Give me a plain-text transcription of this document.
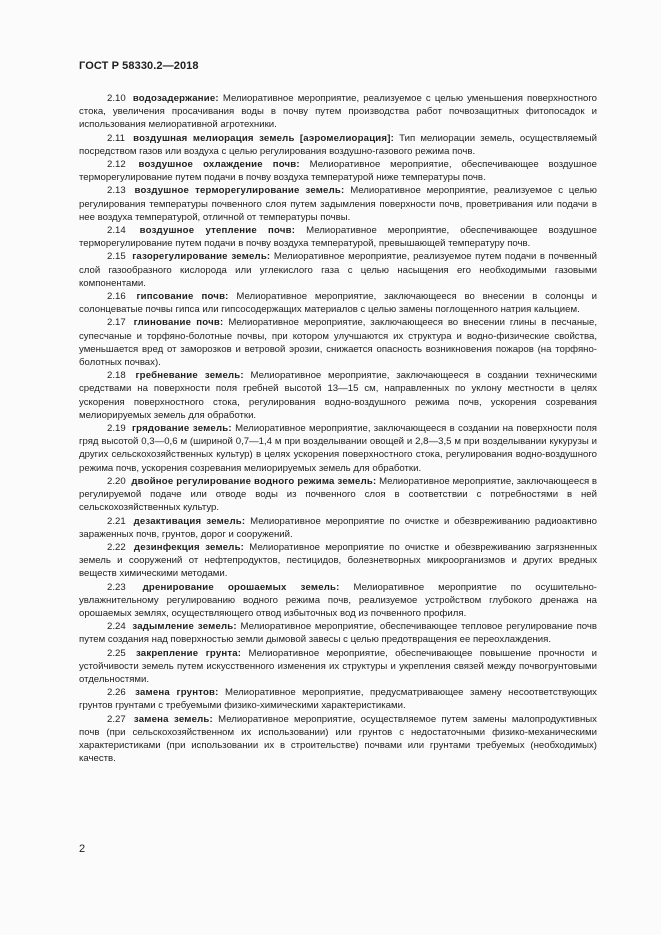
ГОСТ Р 58330.2—2018

2.10 водозадержание: Мелиоративное мероприятие, реализуемое с целью уменьшения поверхностного стока, увеличения просачивания воды в почву путем производства работ почвозащитных фитопосадок и использования мелиоративной агротехники.

2.11 воздушная мелиорация земель [аэромелиорация]: Тип мелиорации земель, осуществляемый посредством газов или воздуха с целью регулирования воздушно-газового режима почв.

2.12 воздушное охлаждение почв: Мелиоративное мероприятие, обеспечивающее воздушное терморегулирование путем подачи в почву воздуха температурой ниже температуры почв.

2.13 воздушное терморегулирование земель: Мелиоративное мероприятие, реализуемое с целью регулирования температуры почвенного слоя путем задымления поверхности почв, проветривания или подачи в нее воздуха температурой, отличной от температуры почвы.

2.14 воздушное утепление почв: Мелиоративное мероприятие, обеспечивающее воздушное терморегулирование путем подачи в почву воздуха температурой, превышающей температуру почв.

2.15 газорегулирование земель: Мелиоративное мероприятие, реализуемое путем подачи в почвенный слой газообразного кислорода или углекислого газа с целью насыщения его необходимыми газовыми компонентами.

2.16 гипсование почв: Мелиоративное мероприятие, заключающееся во внесении в солонцы и солонцеватые почвы гипса или гипсосодержащих материалов с целью замены поглощенного натрия кальцием.

2.17 глинование почв: Мелиоративное мероприятие, заключающееся во внесении глины в песчаные, супесчаные и торфяно-болотные почвы, при котором улучшаются их структура и водно-физические свойства, уменьшается вред от заморозков и ветровой эрозии, снижается опасность возникновения пожаров (на торфяно-болотных почвах).

2.18 гребневание земель: Мелиоративное мероприятие, заключающееся в создании техническими средствами на поверхности поля гребней высотой 13—15 см, направленных по уклону местности в целях ускорения поверхностного стока, регулирования водно-воздушного режима почв, ускорения созревания мелиорируемых земель для обработки.

2.19 грядование земель: Мелиоративное мероприятие, заключающееся в создании на поверхности поля гряд высотой 0,3—0,6 м (шириной 0,7—1,4 м при возделывании овощей и 2,8—3,5 м при возделывании кукурузы и других сельскохозяйственных культур) в целях ускорения поверхностного стока, регулирования водно-воздушного режима почв, ускорения созревания мелиорируемых земель для обработки.

2.20 двойное регулирование водного режима земель: Мелиоративное мероприятие, заключающееся в регулируемой подаче или отводе воды из почвенного слоя в соответствии с потребностями в ней сельскохозяйственных культур.

2.21 дезактивация земель: Мелиоративное мероприятие по очистке и обезвреживанию радиоактивно зараженных почв, грунтов, дорог и сооружений.

2.22 дезинфекция земель: Мелиоративное мероприятие по очистке и обезвреживанию загрязненных земель и сооружений от нефтепродуктов, пестицидов, болезнетворных микроорганизмов и других вредных веществ химическими методами.

2.23 дренирование орошаемых земель: Мелиоративное мероприятие по осушительно-увлажнительному регулированию водного режима почв, реализуемое устройством глубокого дренажа на орошаемых землях, осуществляющего отвод избыточных вод из почвенного профиля.

2.24 задымление земель: Мелиоративное мероприятие, обеспечивающее тепловое регулирование почв путем создания над поверхностью земли дымовой завесы с целью предотвращения ее переохлаждения.

2.25 закрепление грунта: Мелиоративное мероприятие, обеспечивающее повышение прочности и устойчивости земель путем искусственного изменения их структуры и укрепления связей между почвогрунтовыми отдельностями.

2.26 замена грунтов: Мелиоративное мероприятие, предусматривающее замену несоответствующих грунтов грунтами с требуемыми физико-химическими характеристиками.

2.27 замена земель: Мелиоративное мероприятие, осуществляемое путем замены малопродуктивных почв (при сельскохозяйственном их использовании) или грунтов с недостаточными физико-механическими характеристиками (при использовании их в строительстве) почвами или грунтами требуемых (необходимых) качеств.

2
